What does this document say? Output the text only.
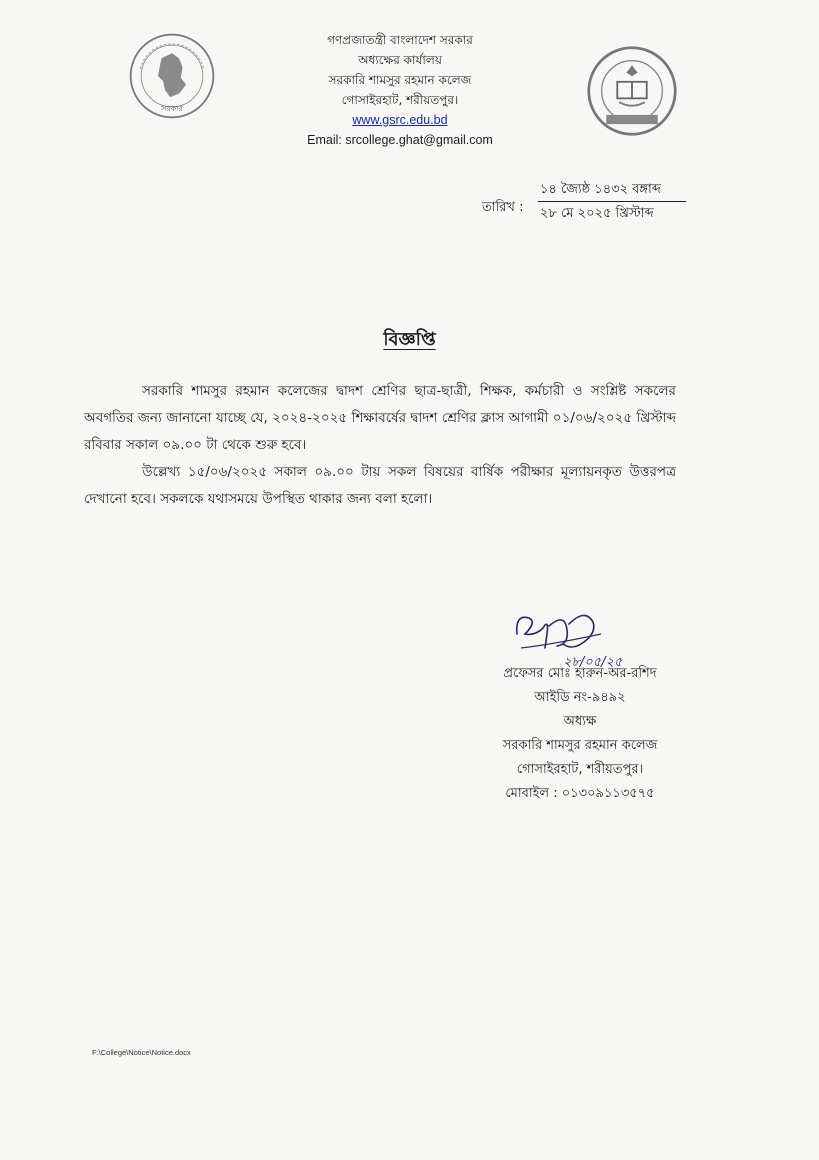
সরকার
গণপ্রজাতন্ত্রী বাংলাদেশ সরকার
অধ্যক্ষের কার্যালয়
সরকারি শামসুর রহমান কলেজ
গোসাইরহাট, শরীয়তপুর।
www.gsrc.edu.bd
Email: srcollege.ghat@gmail.com
তারিখ :
১৪ জ্যৈষ্ঠ ১৪৩২ বঙ্গাব্দ
২৮ মে ২০২৫ খ্রিস্টাব্দ
বিজ্ঞপ্তি

সরকারি শামসুর রহমান কলেজের দ্বাদশ শ্রেণির ছাত্র-ছাত্রী, শিক্ষক, কর্মচারী ও সংশ্লিষ্ট সকলের অবগতির জন্য জানানো যাচ্ছে যে, ২০২৪-২০২৫ শিক্ষাবর্ষের দ্বাদশ শ্রেণির ক্লাস আগামী ০১/০৬/২০২৫ খ্রিস্টাব্দ রবিবার সকাল ০৯.০০ টা থেকে শুরু হবে।

উল্লেখ্য ১৫/০৬/২০২৫ সকাল ০৯.০০ টায় সকল বিষয়ের বার্ষিক পরীক্ষার মূল্যায়নকৃত উত্তরপত্র দেখানো হবে। সকলকে যথাসময়ে উপস্থিত থাকার জন্য বলা হলো।

২৮/০৫/২৫
প্রফেসর মোঃ হারুন-অর-রশিদ
আইডি নং-৯৪৯২
অধ্যক্ষ
সরকারি শামসুর রহমান কলেজ
গোসাইরহাট, শরীয়তপুর।
মোবাইল : ০১৩০৯১১৩৫৭৫
F:\College\Notice\Notice.docx
